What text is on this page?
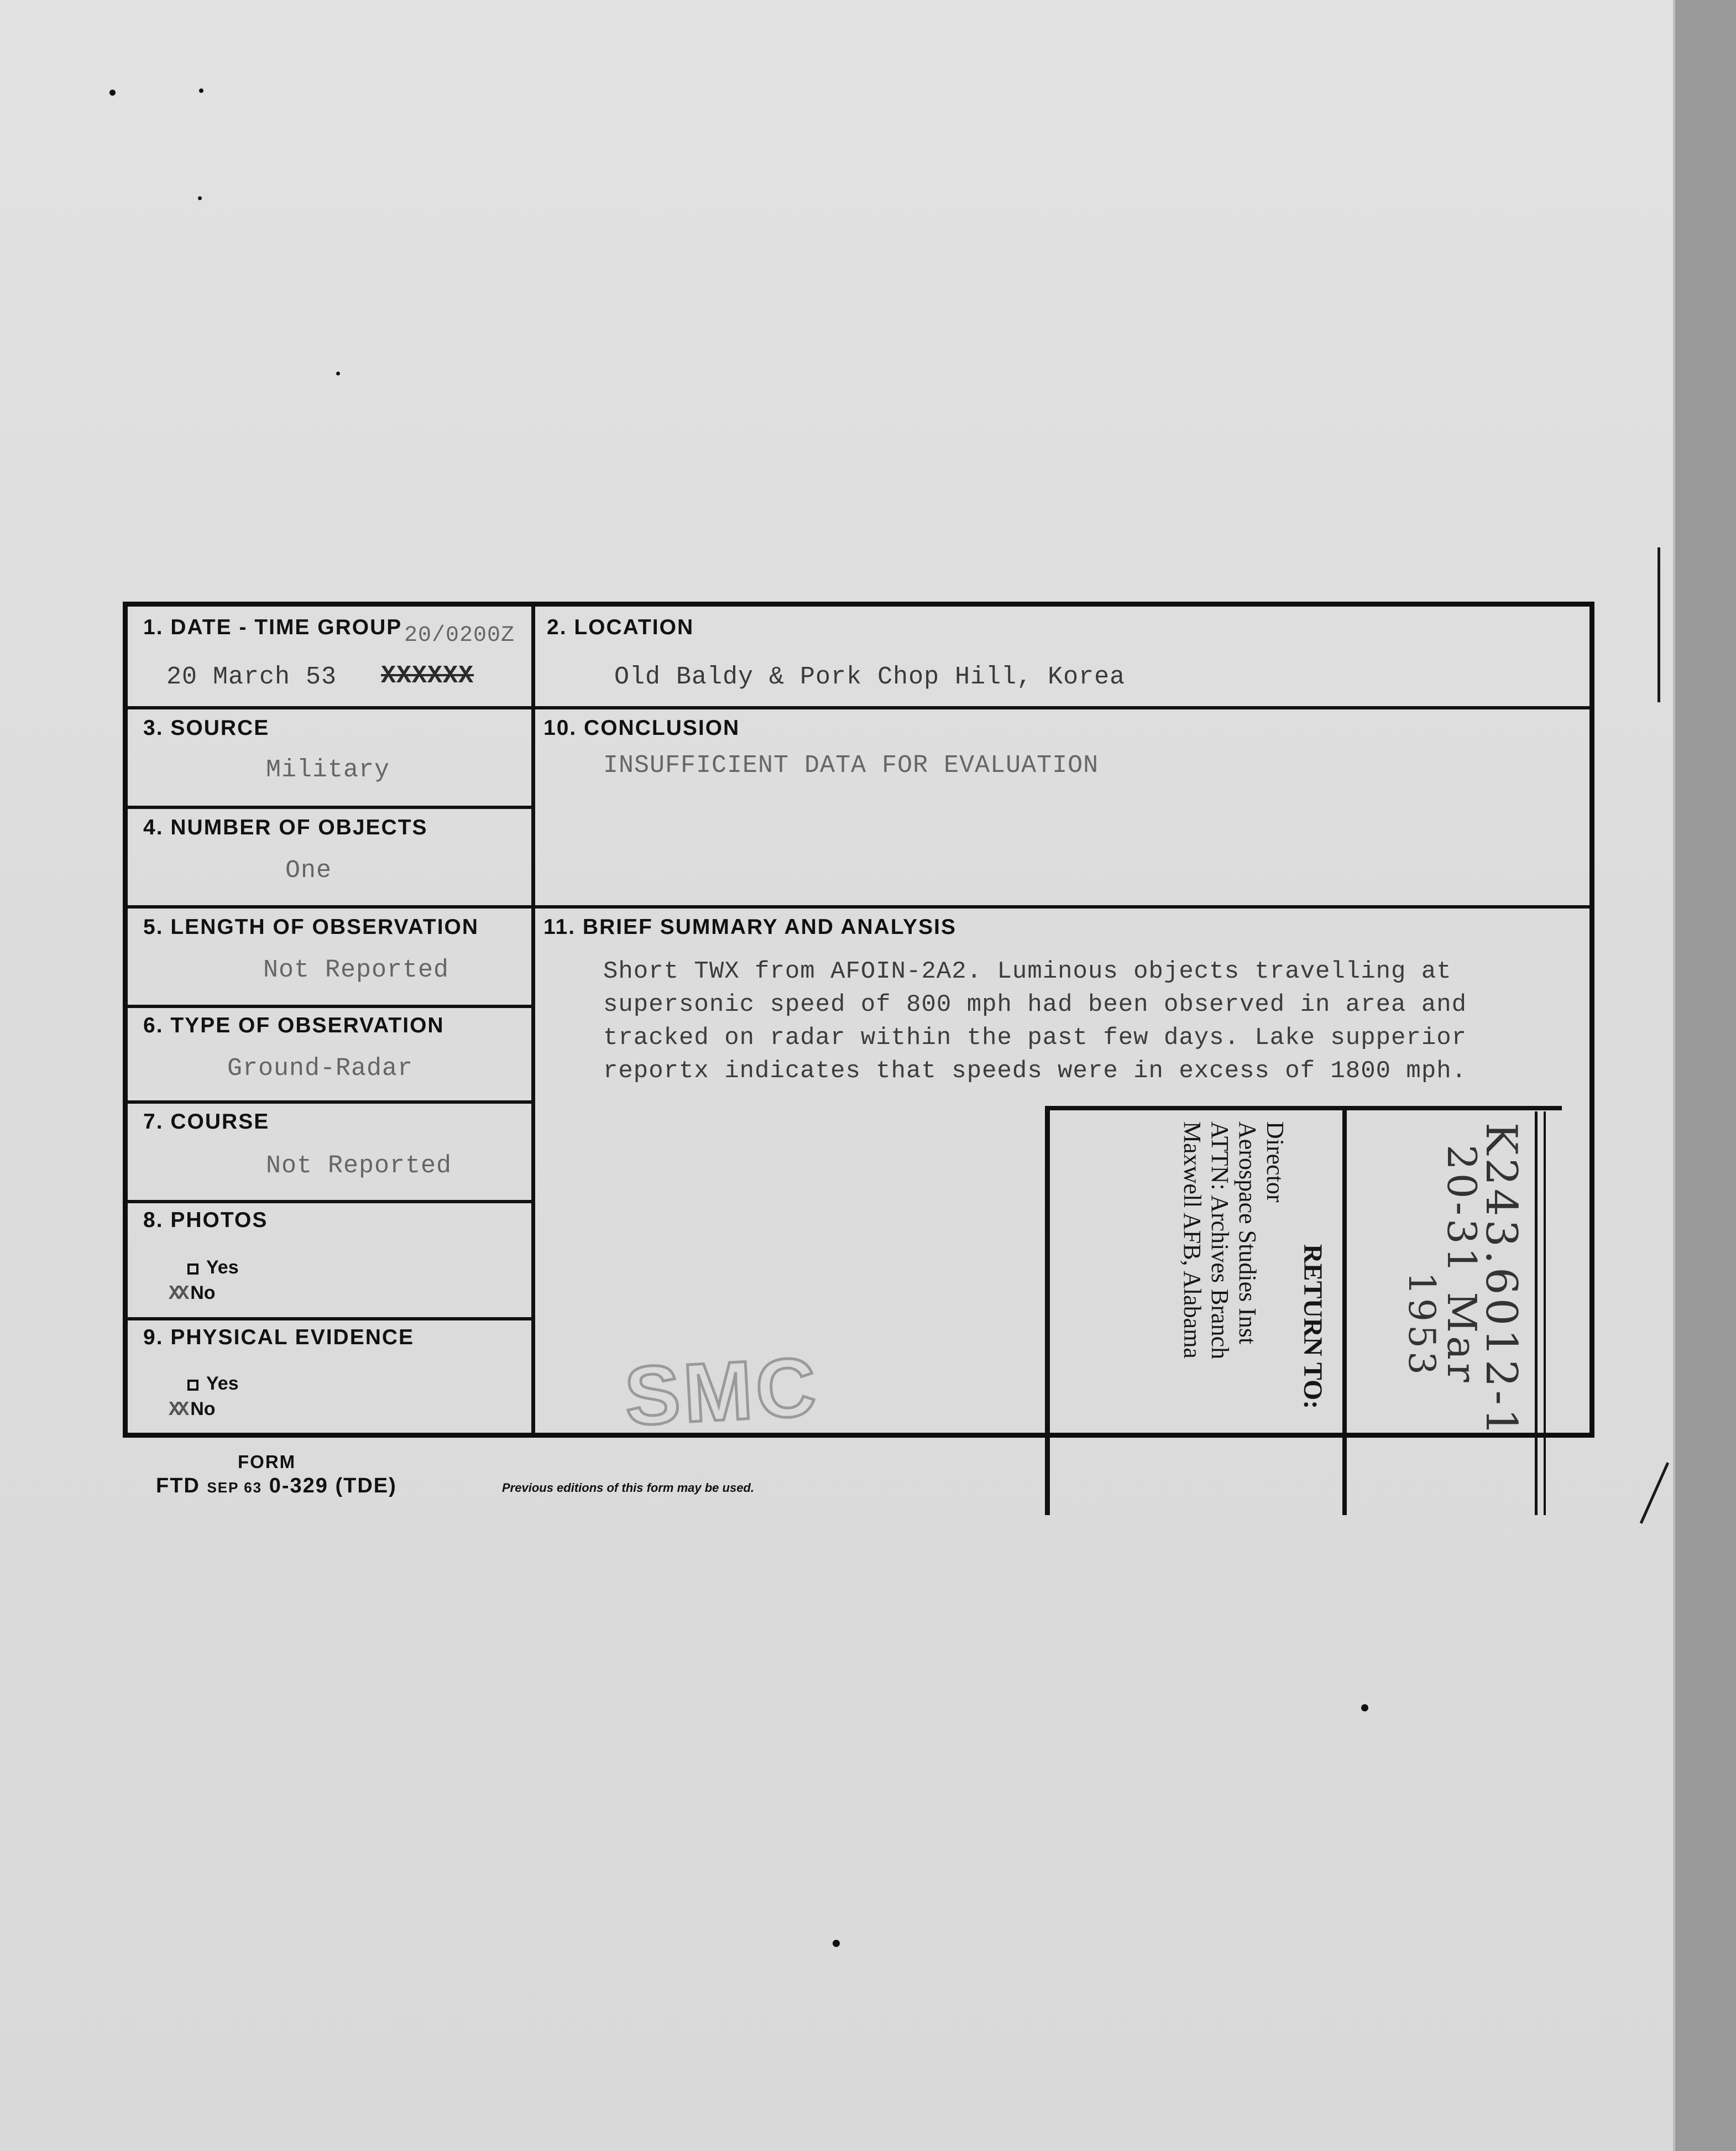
1. DATE - TIME GROUP 20/0200Z
20 March 53 XXXXXX
2. LOCATION
Old Baldy & Pork Chop Hill, Korea
3. SOURCE
Military
10. CONCLUSION
INSUFFICIENT DATA FOR EVALUATION
4. NUMBER OF OBJECTS
One
5. LENGTH OF OBSERVATION
Not Reported
11. BRIEF SUMMARY AND ANALYSIS
Short TWX from AFOIN-2A2. Luminous objects travelling at
supersonic speed of 800 mph had been observed in area and
tracked on radar within the past few days. Lake supperior
reportx indicates that speeds were in excess of 1800 mph.
6. TYPE OF OBSERVATION
Ground-Radar
7. COURSE
Not Reported
8. PHOTOS
Yes
XX No
9. PHYSICAL EVIDENCE
Yes
XX No	SMC
Director
Aerospace Studies Inst
ATTN: Archives Branch
Maxwell AFB, Alabama	RETURN TO:	K243.6012-1
20-31 Mar
1953
FORM
FTD SEP 63 0-329 (TDE)	Previous editions of this form may be used.
